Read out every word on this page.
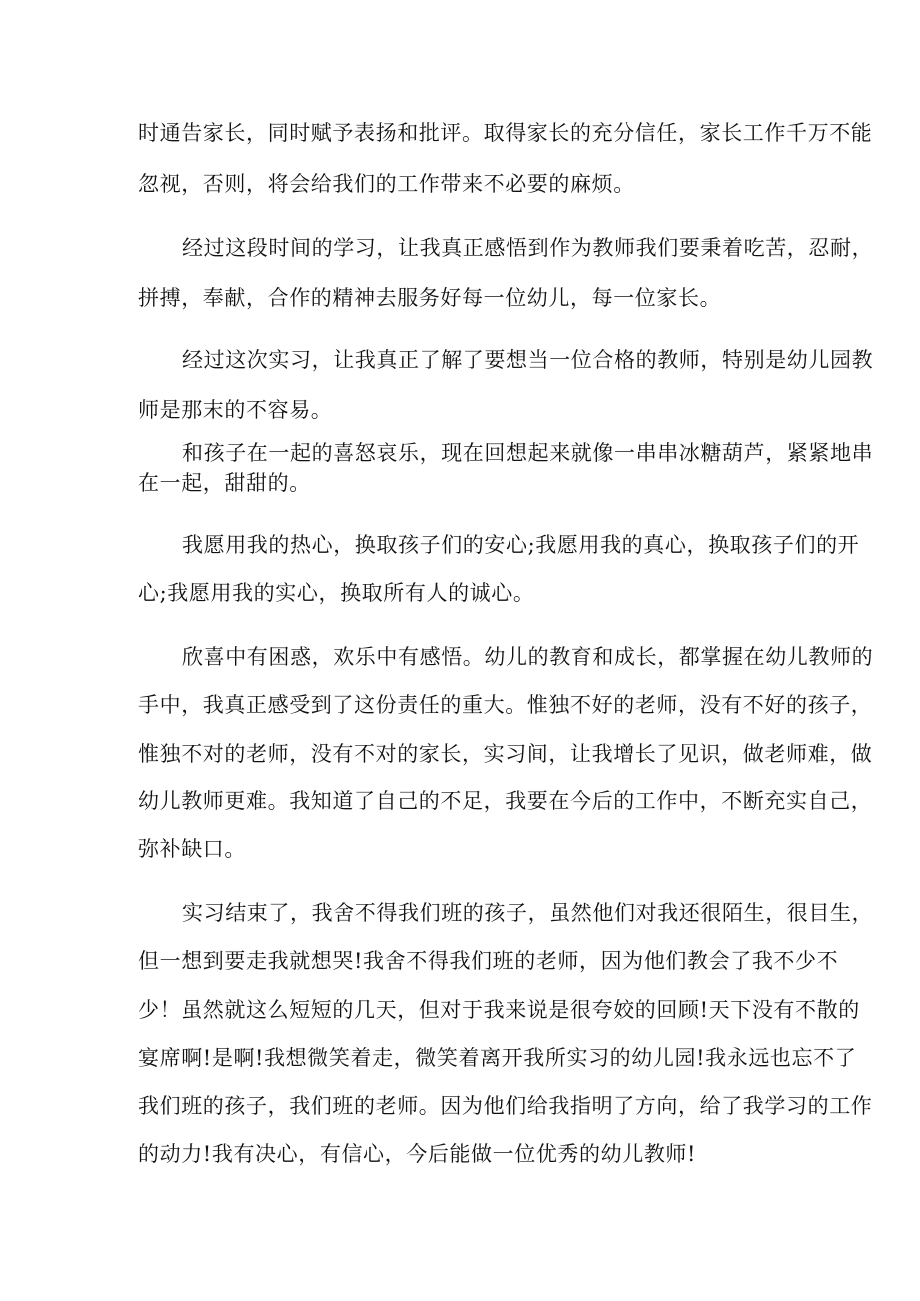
时通告家长，同时赋予表扬和批评。取得家长的充分信任，家长工作千万不能
忽视，否则，将会给我们的工作带来不必要的麻烦。
经过这段时间的学习，让我真正感悟到作为教师我们要秉着吃苦，忍耐，
拼搏，奉献，合作的精神去服务好每一位幼儿，每一位家长。
经过这次实习，让我真正了解了要想当一位合格的教师，特别是幼儿园教
师是那末的不容易。
和孩子在一起的喜怒哀乐，现在回想起来就像一串串冰糖葫芦，紧紧地串
在一起，甜甜的。
我愿用我的热心，换取孩子们的安心;我愿用我的真心，换取孩子们的开
心;我愿用我的实心，换取所有人的诚心。
欣喜中有困惑，欢乐中有感悟。幼儿的教育和成长，都掌握在幼儿教师的
手中，我真正感受到了这份责任的重大。惟独不好的老师，没有不好的孩子，
惟独不对的老师，没有不对的家长，实习间，让我增长了见识，做老师难，做
幼儿教师更难。我知道了自己的不足，我要在今后的工作中，不断充实自己，
弥补缺口。
实习结束了，我舍不得我们班的孩子，虽然他们对我还很陌生，很目生，
但一想到要走我就想哭!我舍不得我们班的老师，因为他们教会了我不少不
少！虽然就这么短短的几天，但对于我来说是很夸姣的回顾!天下没有不散的
宴席啊!是啊!我想微笑着走，微笑着离开我所实习的幼儿园!我永远也忘不了
我们班的孩子，我们班的老师。因为他们给我指明了方向，给了我学习的工作
的动力!我有决心，有信心，今后能做一位优秀的幼儿教师!
